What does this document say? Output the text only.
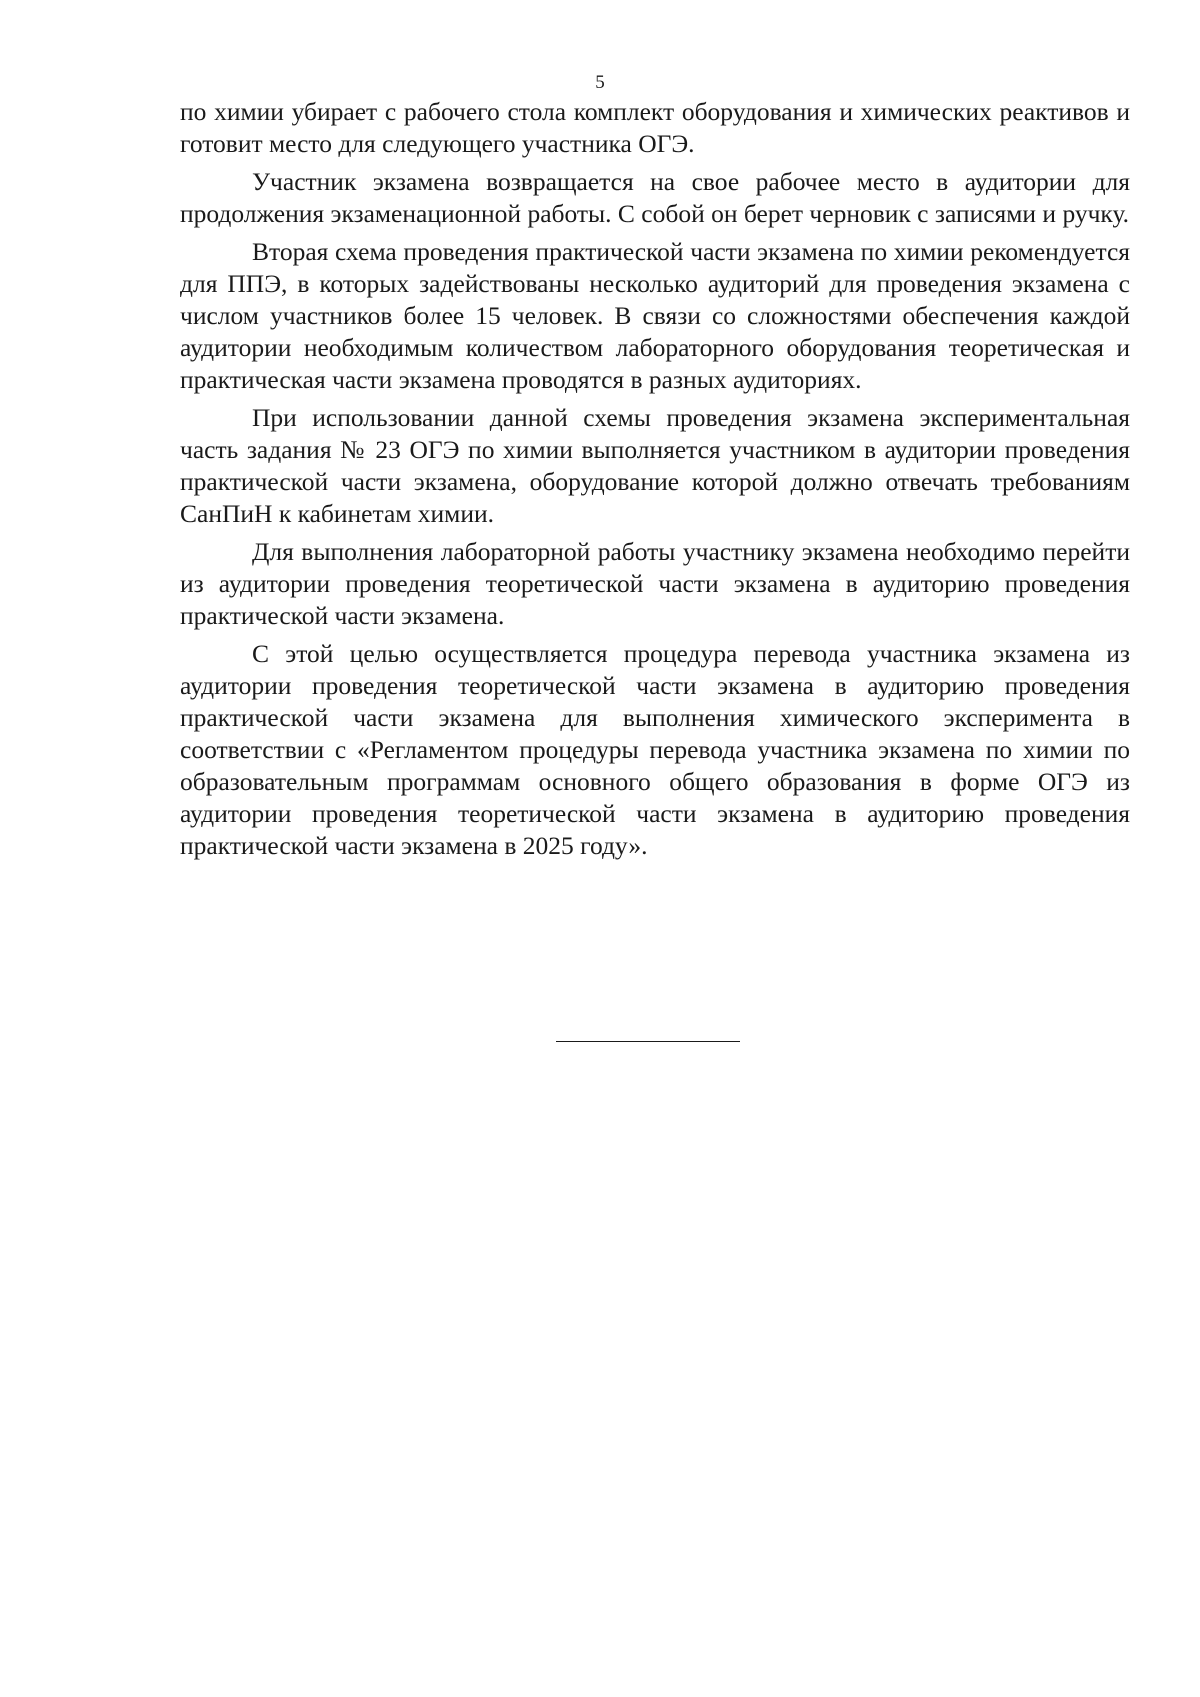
5

по химии убирает с рабочего стола комплект оборудования и химических реактивов и готовит место для следующего участника ОГЭ.

Участник экзамена возвращается на свое рабочее место в аудитории для продолжения экзаменационной работы. С собой он берет черновик с записями и ручку.

Вторая схема проведения практической части экзамена по химии рекомендуется для ППЭ, в которых задействованы несколько аудиторий для проведения экзамена с числом участников более 15 человек. В связи со сложностями обеспечения каждой аудитории необходимым количеством лабораторного оборудования теоретическая и практическая части экзамена проводятся в разных аудиториях.

При использовании данной схемы проведения экзамена экспериментальная часть задания № 23 ОГЭ по химии выполняется участником в аудитории проведения практической части экзамена, оборудование которой должно отвечать требованиям СанПиН к кабинетам химии.

Для выполнения лабораторной работы участнику экзамена необходимо перейти из аудитории проведения теоретической части экзамена в аудиторию проведения практической части экзамена.

С этой целью осуществляется процедура перевода участника экзамена из аудитории проведения теоретической части экзамена в аудиторию проведения практической части экзамена для выполнения химического эксперимента в соответствии с «Регламентом процедуры перевода участника экзамена по химии по образовательным программам основного общего образования в форме ОГЭ из аудитории проведения теоретической части экзамена в аудиторию проведения практической части экзамена в 2025 году».
